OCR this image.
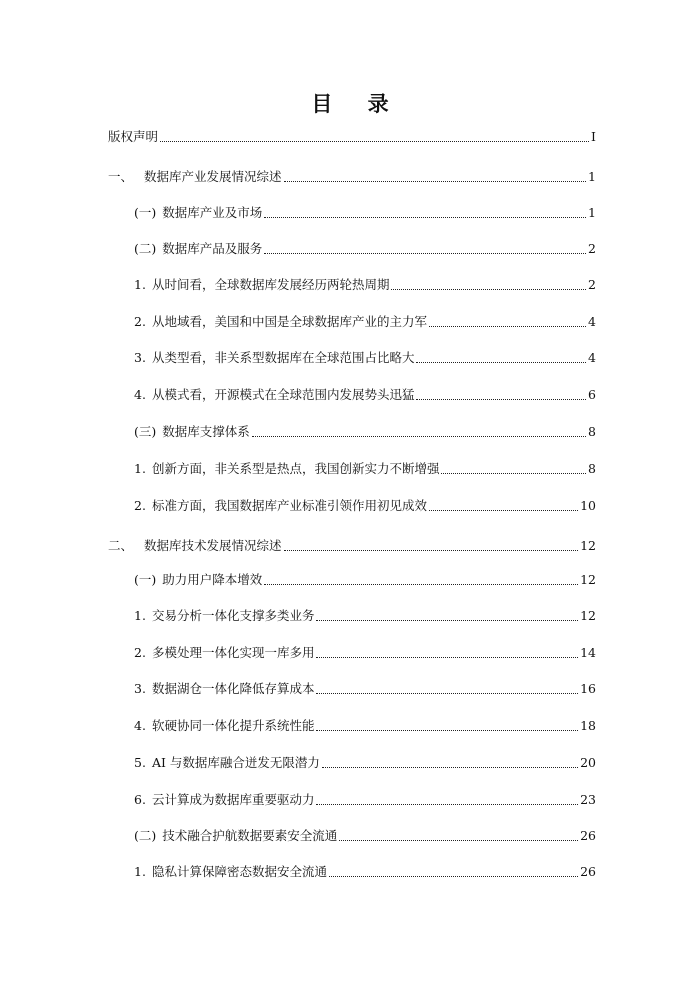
目 录
版权声明	I
一、 数据库产业发展情况综述	1
(一) 数据库产业及市场	1
(二) 数据库产品及服务	2
1. 从时间看，全球数据库发展经历两轮热周期	2
2. 从地域看，美国和中国是全球数据库产业的主力军	4
3. 从类型看，非关系型数据库在全球范围占比略大	4
4. 从模式看，开源模式在全球范围内发展势头迅猛	6
(三) 数据库支撑体系	8
1. 创新方面，非关系型是热点，我国创新实力不断增强	8
2. 标准方面，我国数据库产业标准引领作用初见成效	10
二、 数据库技术发展情况综述	12
(一) 助力用户降本增效	12
1. 交易分析一体化支撑多类业务	12
2. 多模处理一体化实现一库多用	14
3. 数据湖仓一体化降低存算成本	16
4. 软硬协同一体化提升系统性能	18
5. AI 与数据库融合迸发无限潜力	20
6. 云计算成为数据库重要驱动力	23
(二) 技术融合护航数据要素安全流通	26
1. 隐私计算保障密态数据安全流通	26
